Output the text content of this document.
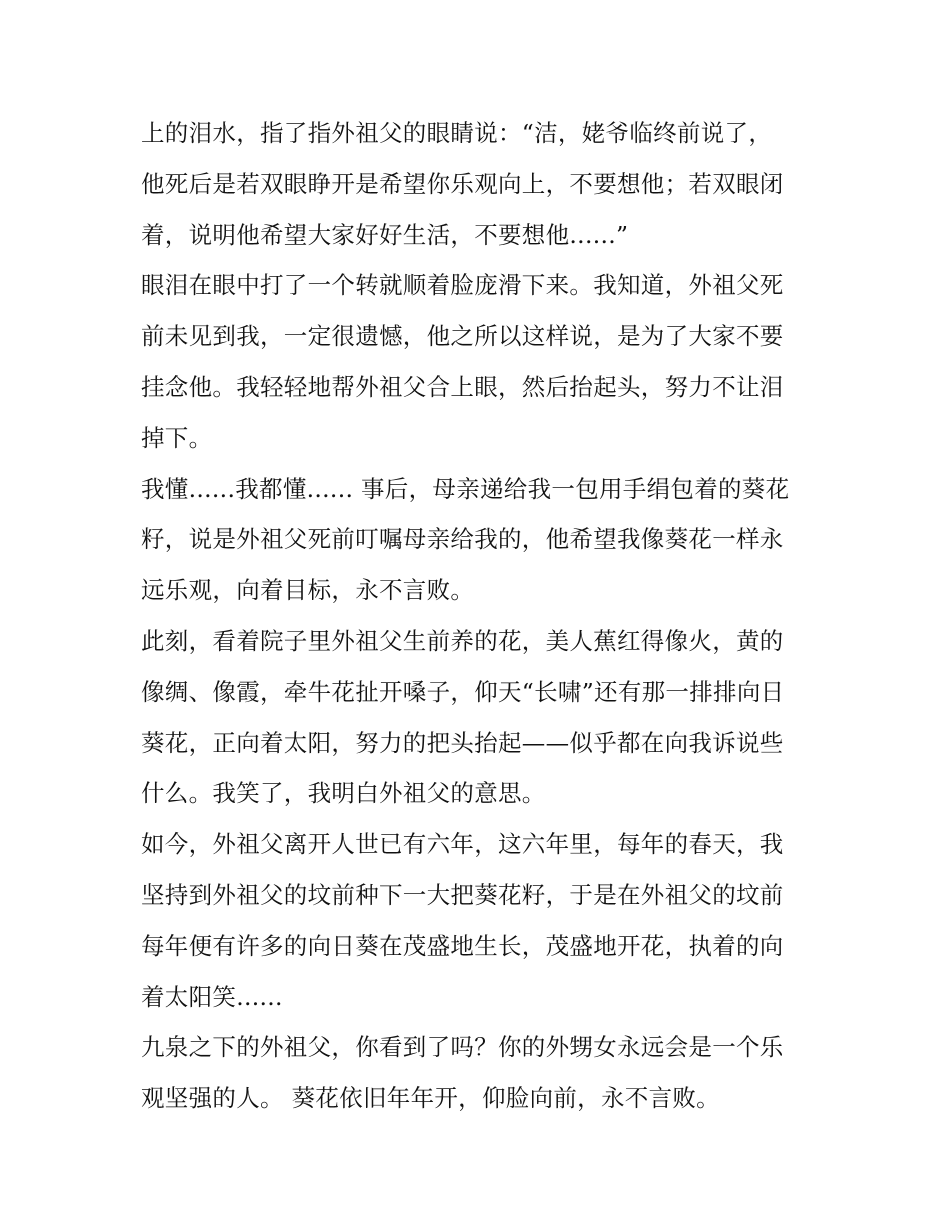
上的泪水，指了指外祖父的眼睛说：“洁，姥爷临终前说了，
他死后是若双眼睁开是希望你乐观向上，不要想他；若双眼闭
着，说明他希望大家好好生活，不要想他......”
眼泪在眼中打了一个转就顺着脸庞滑下来。我知道，外祖父死
前未见到我，一定很遗憾，他之所以这样说，是为了大家不要
挂念他。我轻轻地帮外祖父合上眼，然后抬起头，努力不让泪
掉下。
我懂......我都懂...... 事后，母亲递给我一包用手绢包着的葵花
籽，说是外祖父死前叮嘱母亲给我的，他希望我像葵花一样永
远乐观，向着目标，永不言败。
此刻，看着院子里外祖父生前养的花，美人蕉红得像火，黄的
像绸、像霞，牵牛花扯开嗓子，仰天“长啸”还有那一排排向日
葵花，正向着太阳，努力的把头抬起——似乎都在向我诉说些
什么。我笑了，我明白外祖父的意思。
如今，外祖父离开人世已有六年，这六年里，每年的春天，我
坚持到外祖父的坟前种下一大把葵花籽，于是在外祖父的坟前
每年便有许多的向日葵在茂盛地生长，茂盛地开花，执着的向
着太阳笑......
九泉之下的外祖父，你看到了吗？你的外甥女永远会是一个乐
观坚强的人。 葵花依旧年年开，仰脸向前，永不言败。
